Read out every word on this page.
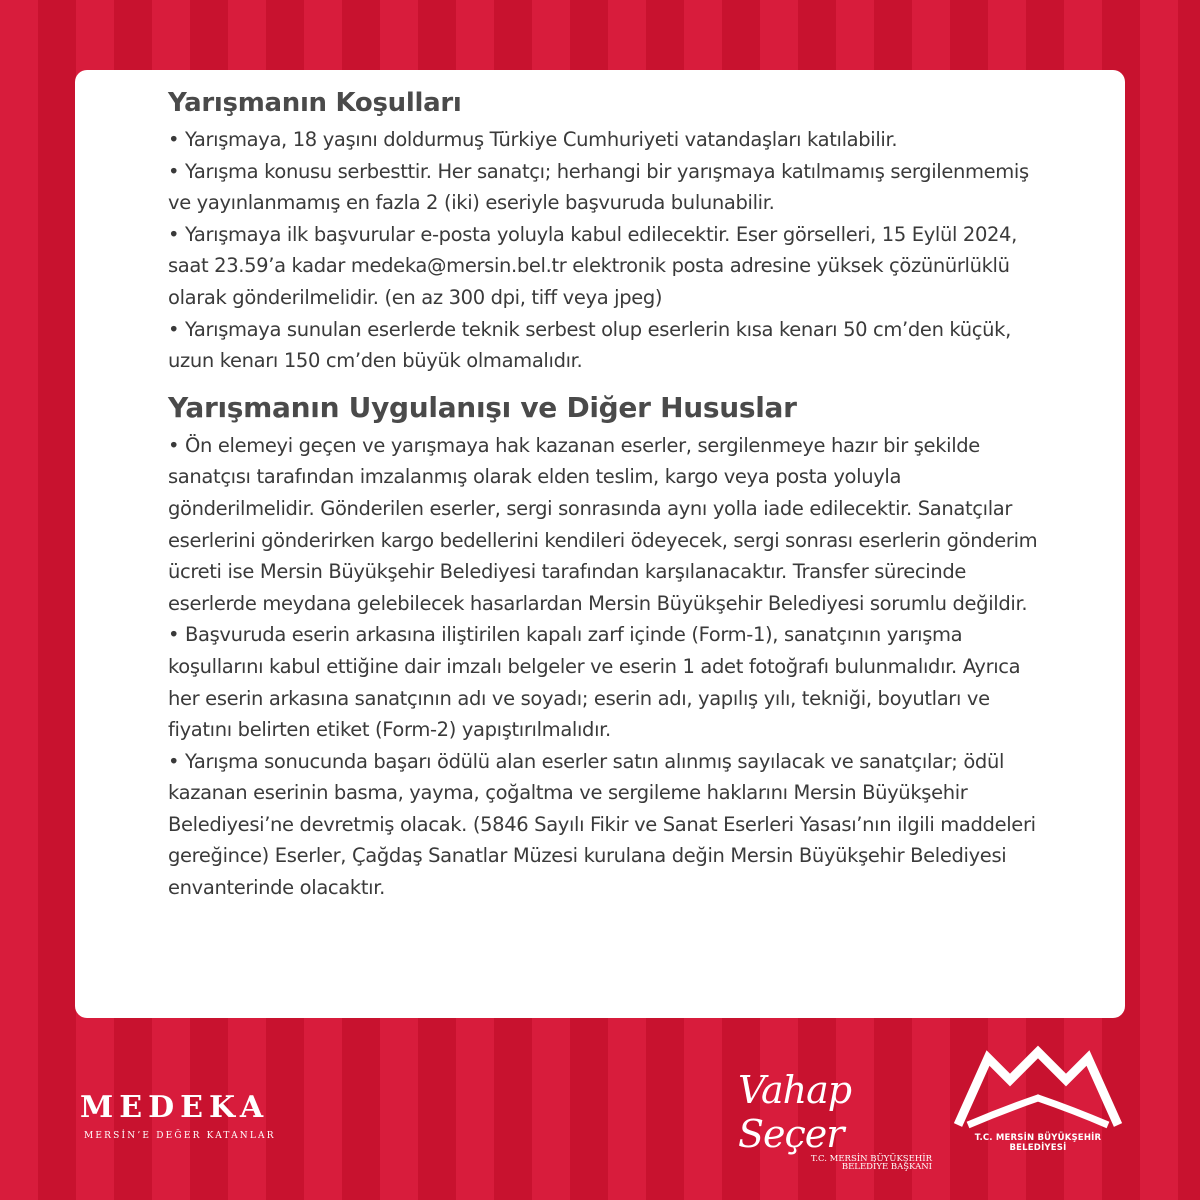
Yarışmanın Koşulları

• Yarışmaya, 18 yaşını doldurmuş Türkiye Cumhuriyeti vatandaşları katılabilir.

• Yarışma konusu serbesttir. Her sanatçı; herhangi bir yarışmaya katılmamış sergilenmemiş ve yayınlanmamış en fazla 2 (iki) eseriyle başvuruda bulunabilir.

• Yarışmaya ilk başvurular e-posta yoluyla kabul edilecektir. Eser görselleri, 15 Eylül 2024, saat 23.59’a kadar medeka@mersin.bel.tr elektronik posta adresine yüksek çözünürlüklü olarak gönderilmelidir. (en az 300 dpi, tiff veya jpeg)

• Yarışmaya sunulan eserlerde teknik serbest olup eserlerin kısa kenarı 50 cm’den küçük, uzun kenarı 150 cm’den büyük olmamalıdır.

Yarışmanın Uygulanışı ve Diğer Hususlar

• Ön elemeyi geçen ve yarışmaya hak kazanan eserler, sergilenmeye hazır bir şekilde sanatçısı tarafından imzalanmış olarak elden teslim, kargo veya posta yoluyla gönderilmelidir. Gönderilen eserler, sergi sonrasında aynı yolla iade edilecektir. Sanatçılar eserlerini gönderirken kargo bedellerini kendileri ödeyecek, sergi sonrası eserlerin gönderim ücreti ise Mersin Büyükşehir Belediyesi tarafından karşılanacaktır. Transfer sürecinde eserlerde meydana gelebilecek hasarlardan Mersin Büyükşehir Belediyesi sorumlu değildir.

• Başvuruda eserin arkasına iliştirilen kapalı zarf içinde (Form-1), sanatçının yarışma koşullarını kabul ettiğine dair imzalı belgeler ve eserin 1 adet fotoğrafı bulunmalıdır. Ayrıca her eserin arkasına sanatçının adı ve soyadı; eserin adı, yapılış yılı, tekniği, boyutları ve fiyatını belirten etiket (Form-2) yapıştırılmalıdır.

• Yarışma sonucunda başarı ödülü alan eserler satın alınmış sayılacak ve sanatçılar; ödül kazanan eserinin basma, yayma, çoğaltma ve sergileme haklarını Mersin Büyükşehir Belediyesi’ne devretmiş olacak. (5846 Sayılı Fikir ve Sanat Eserleri Yasası’nın ilgili maddeleri gereğince) Eserler, Çağdaş Sanatlar Müzesi kurulana değin Mersin Büyükşehir Belediyesi envanterinde olacaktır.

MEDEKA
MERSİN’E DEĞER KATANLAR
Vahap Seçer
T.C. MERSİN BÜYÜKŞEHİR
BELEDİYE BAŞKANI
T.C. MERSİN BÜYÜKŞEHİR BELEDİYESİ
